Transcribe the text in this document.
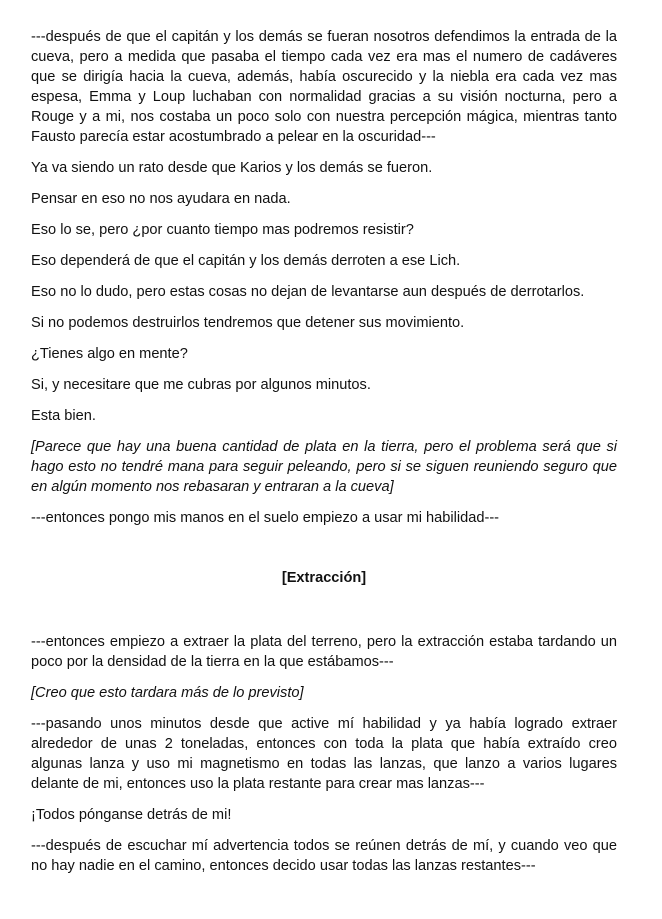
---después de que el capitán y los demás se fueran nosotros defendimos la entrada de la cueva, pero a medida que pasaba el tiempo cada vez era mas el numero de cadáveres que se dirigía hacia la cueva, además, había oscurecido y la niebla era cada vez mas espesa, Emma y Loup luchaban con normalidad gracias a su visión nocturna, pero a Rouge y a mi, nos costaba un poco solo con nuestra percepción mágica, mientras tanto Fausto parecía estar acostumbrado a pelear en la oscuridad---

Ya va siendo un rato desde que Karios y los demás se fueron.

Pensar en eso no nos ayudara en nada.

Eso lo se, pero ¿por cuanto tiempo mas podremos resistir?

Eso dependerá de que el capitán y los demás derroten a ese Lich.

Eso no lo dudo, pero estas cosas no dejan de levantarse aun después de derrotarlos.

Si no podemos destruirlos tendremos que detener sus movimiento.

¿Tienes algo en mente?

Si, y necesitare que me cubras por algunos minutos.

Esta bien.

[Parece que hay una buena cantidad de plata en la tierra, pero el problema será que si hago esto no tendré mana para seguir peleando, pero si se siguen reuniendo seguro que en algún momento nos rebasaran y entraran a la cueva]

---entonces pongo mis manos en el suelo empiezo a usar mi habilidad---

[Extracción]

---entonces empiezo a extraer la plata del terreno, pero la extracción estaba tardando un poco por la densidad de la tierra en la que estábamos---

[Creo que esto tardara más de lo previsto]

---pasando unos minutos desde que active mí habilidad y ya había logrado extraer alrededor de unas 2 toneladas, entonces con toda la plata que había extraído creo algunas lanza y uso mi magnetismo en todas las lanzas, que lanzo a varios lugares delante de mi, entonces uso la plata restante para crear mas lanzas---

¡Todos pónganse detrás de mi!

---después de escuchar mí advertencia todos se reúnen detrás de mí, y cuando veo que no hay nadie en el camino, entonces decido usar todas las lanzas restantes---
